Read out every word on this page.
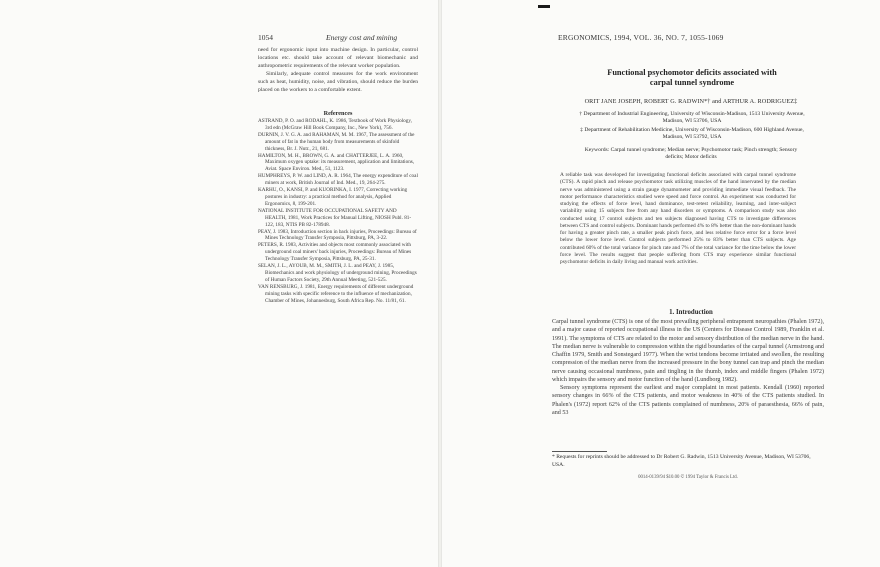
1054	Energy cost and mining

need for ergonomic input into machine design. In particular, control locations etc. should take account of relevant biomechanic and anthropometric requirements of the relevant worker population.

Similarly, adequate control measures for the work environment such as heat, humidity, noise, and vibration, should reduce the burden placed on the workers to a comfortable extent.

References

ASTRAND, P. O. and RODAHL, K. 1986, Textbook of Work Physiology, 3rd edn (McGraw Hill Book Company, Inc., New York), 756.

DURNIN, J. V. G. A. and RAHAMAN, M. M. 1967, The assessment of the amount of fat in the human body from measurements of skinfold thickness, Br. J. Nutr., 21, 681.

HAMILTON, M. H., BROWN, G. A. and CHATTERJEE, L. A. 1960, Maximum oxygen uptake: its measurement, application and limitations, Aviat. Space Environ. Med., 51, 1123.

HUMPHREYS, P. W. and LIND, A. R. 1964, The energy expenditure of coal miners at work, British Journal of Ind. Med., 19, 264-275.

KARHU, O., KANSI, P. and KUORINKA, I. 1977, Correcting working postures in industry: a practical method for analysis, Applied Ergonomics, 8, 199-201.

NATIONAL INSTITUTE FOR OCCUPATIONAL SAFETY AND HEALTH, 1981, Work Practices for Manual Lifting, NIOSH Publ. 81-122, 183, NTIS PB 82-178948.

PEAY, J. 1983, Introduction section in back injuries, Proceedings: Bureau of Mines Technology Transfer Symposia, Pittsburg, PA, 3-22.

PETERS, R. 1983, Activities and objects most commonly associated with underground coal miners' back injuries, Proceedings: Bureau of Mines Technology Transfer Symposia, Pittsburg, PA, 25-31.

SELAN, J. L., AYOUB, M. M., SMITH, J. L. and PEAY, J. 1985, Biomechanics and work physiology of underground mining, Proceedings of Human Factors Society, 29th Annual Meeting, 521-525.

VAN RENSBURG, J. 1981, Energy requirements of different underground mining tasks with specific reference to the influence of mechanization, Chamber of Mines, Johannesburg, South Africa Rep. No. 11/81, 61.

ERGONOMICS, 1994, VOL. 36, NO. 7, 1055-1069
Functional psychomotor deficits associated with carpal tunnel syndrome
ORIT JANE JOSEPH, ROBERT G. RADWIN*† and ARTHUR A. RODRIGUEZ‡
† Department of Industrial Engineering, University of Wisconsin-Madison, 1513 University Avenue, Madison, WI 53706, USA
‡ Department of Rehabilitation Medicine, University of Wisconsin-Madison, 600 Highland Avenue, Madison, WI 53792, USA
Keywords: Carpal tunnel syndrome; Median nerve; Psychomotor task; Pinch strength; Sensory deficits; Motor deficits
A reliable task was developed for investigating functional deficits associated with carpal tunnel syndrome (CTS). A rapid pinch and release psychomotor task utilizing muscles of the hand innervated by the median nerve was administered using a strain gauge dynamometer and providing immediate visual feedback. The motor performance characteristics studied were speed and force control. An experiment was conducted for studying the effects of force level, hand dominance, test-retest reliability, learning, and inter-subject variability using 15 subjects free from any hand disorders or symptoms. A comparison study was also conducted using 17 control subjects and ten subjects diagnosed having CTS to investigate differences between CTS and control subjects. Dominant hands performed 4% to 8% better than the non-dominant hands for having a greater pinch rate, a smaller peak pinch force, and less relative force error for a force level below the lower force level. Control subjects performed 25% to 83% better than CTS subjects. Age contributed 60% of the total variance for pinch rate and 7% of the total variance for the time below the lower force level. The results suggest that people suffering from CTS may experience similar functional psychomotor deficits in daily living and manual work activities.
1. Introduction

Carpal tunnel syndrome (CTS) is one of the most prevailing peripheral entrapment neuropathies (Phalen 1972), and a major cause of reported occupational illness in the US (Centers for Disease Control 1989, Franklin et al. 1991). The symptoms of CTS are related to the motor and sensory distribution of the median nerve in the hand. The median nerve is vulnerable to compression within the rigid boundaries of the carpal tunnel (Armstrong and Chaffin 1979, Smith and Sonstegard 1977). When the wrist tendons become irritated and swollen, the resulting compression of the median nerve from the increased pressure in the bony tunnel can trap and pinch the median nerve causing occasional numbness, pain and tingling in the thumb, index and middle fingers (Phalen 1972) which impairs the sensory and motor function of the hand (Lundborg 1982).

Sensory symptoms represent the earliest and major complaint in most patients. Kendall (1960) reported sensory changes in 66% of the CTS patients, and motor weakness in 40% of the CTS patients studied. In Phalen's (1972) report 62% of the CTS patients complained of numbness, 20% of paraesthesia, 66% of pain, and 53

* Requests for reprints should be addressed to Dr Robert G. Radwin, 1513 University Avenue, Madison, WI 53706, USA.
0014-0139/94 $10.00 © 1994 Taylor & Francis Ltd.
